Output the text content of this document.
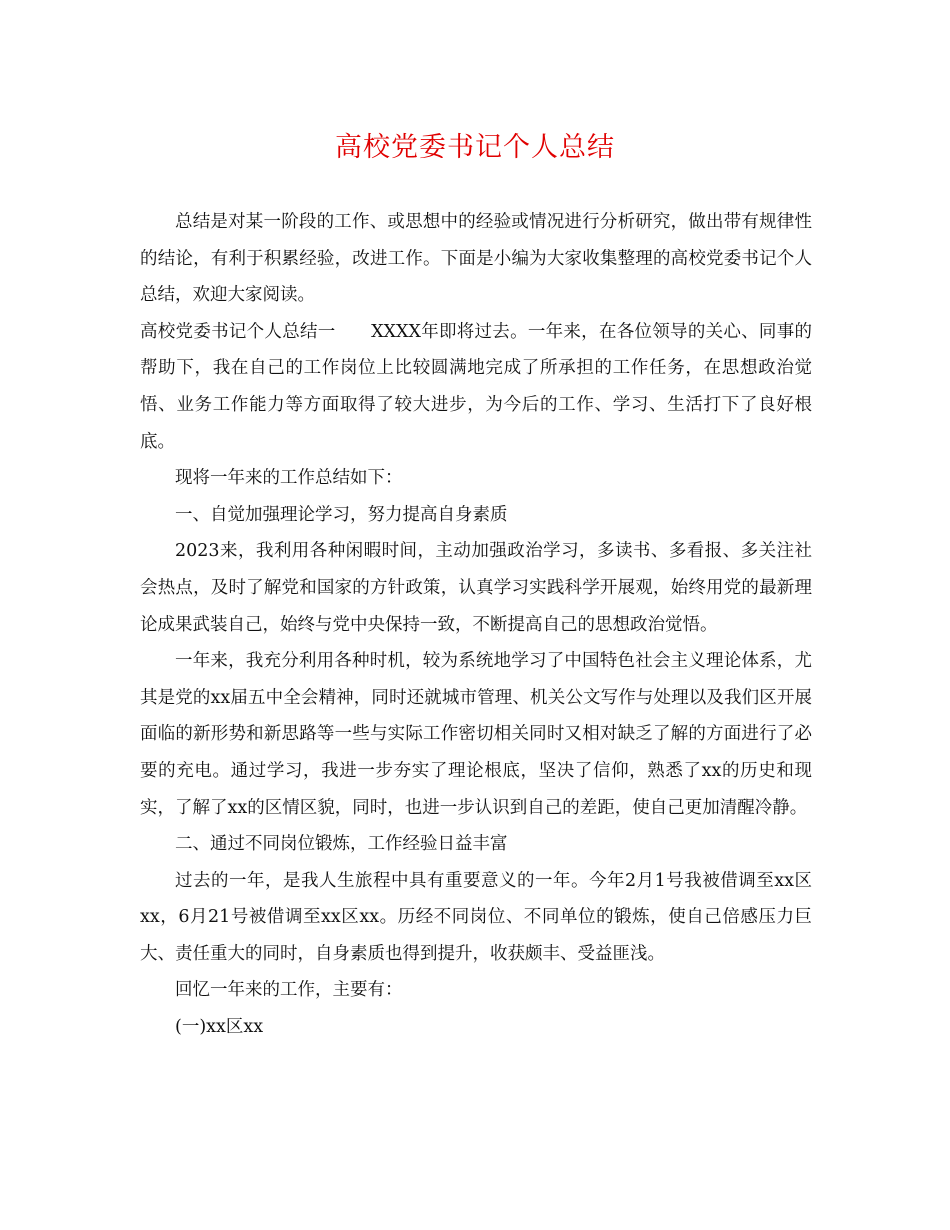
高校党委书记个人总结

总结是对某一阶段的工作、或思想中的经验或情况进行分析研究，做出带有规律性的结论，有利于积累经验，改进工作。下面是小编为大家收集整理的高校党委书记个人总结，欢迎大家阅读。

高校党委书记个人总结一　　XXXX年即将过去。一年来，在各位领导的关心、同事的帮助下，我在自己的工作岗位上比较圆满地完成了所承担的工作任务，在思想政治觉悟、业务工作能力等方面取得了较大进步，为今后的工作、学习、生活打下了良好根底。

现将一年来的工作总结如下：

一、自觉加强理论学习，努力提高自身素质

2023来，我利用各种闲暇时间，主动加强政治学习，多读书、多看报、多关注社会热点，及时了解党和国家的方针政策，认真学习实践科学开展观，始终用党的最新理论成果武装自己，始终与党中央保持一致，不断提高自己的思想政治觉悟。

一年来，我充分利用各种时机，较为系统地学习了中国特色社会主义理论体系，尤其是党的xx届五中全会精神，同时还就城市管理、机关公文写作与处理以及我们区开展面临的新形势和新思路等一些与实际工作密切相关同时又相对缺乏了解的方面进行了必要的充电。通过学习，我进一步夯实了理论根底，坚决了信仰，熟悉了xx的历史和现实，了解了xx的区情区貌，同时，也进一步认识到自己的差距，使自己更加清醒冷静。

二、通过不同岗位锻炼，工作经验日益丰富

过去的一年，是我人生旅程中具有重要意义的一年。今年2月1号我被借调至xx区xx，6月21号被借调至xx区xx。历经不同岗位、不同单位的锻炼，使自己倍感压力巨大、责任重大的同时，自身素质也得到提升，收获颇丰、受益匪浅。

回忆一年来的工作，主要有：

(一)xx区xx
